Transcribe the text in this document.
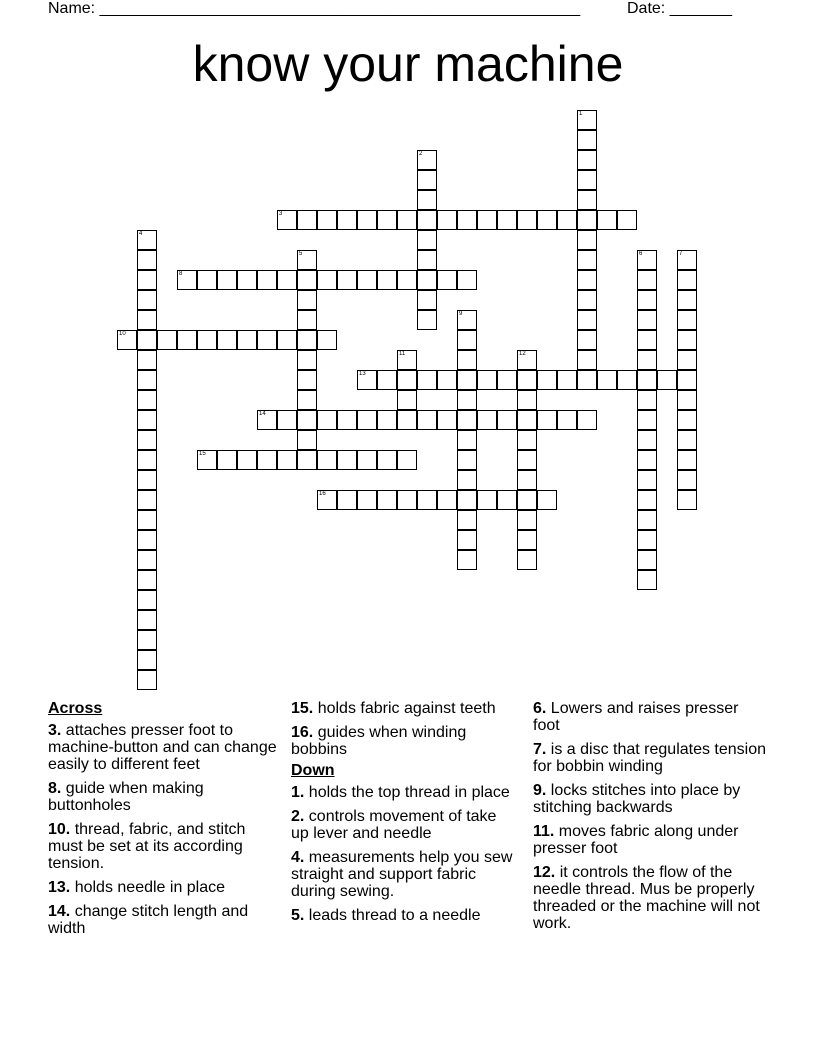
Name: ______________________________________________________	Date: _______
know your machine
1
2
3
4
5	6	7
8
9
10
11	12
13
14
15
16
Across
3. attaches presser foot to machine-button and can change easily to different feet
8. guide when making buttonholes
10. thread, fabric, and stitch must be set at its according tension.
13. holds needle in place
14. change stitch length and width
15. holds fabric against teeth
16. guides when winding bobbins
Down
1. holds the top thread in place
2. controls movement of take up lever and needle
4. measurements help you sew straight and support fabric during sewing.
5. leads thread to a needle
6. Lowers and raises presser foot
7. is a disc that regulates tension for bobbin winding
9. locks stitches into place by stitching backwards
11. moves fabric along under presser foot
12. it controls the flow of the needle thread. Mus be properly threaded or the machine will not work.
